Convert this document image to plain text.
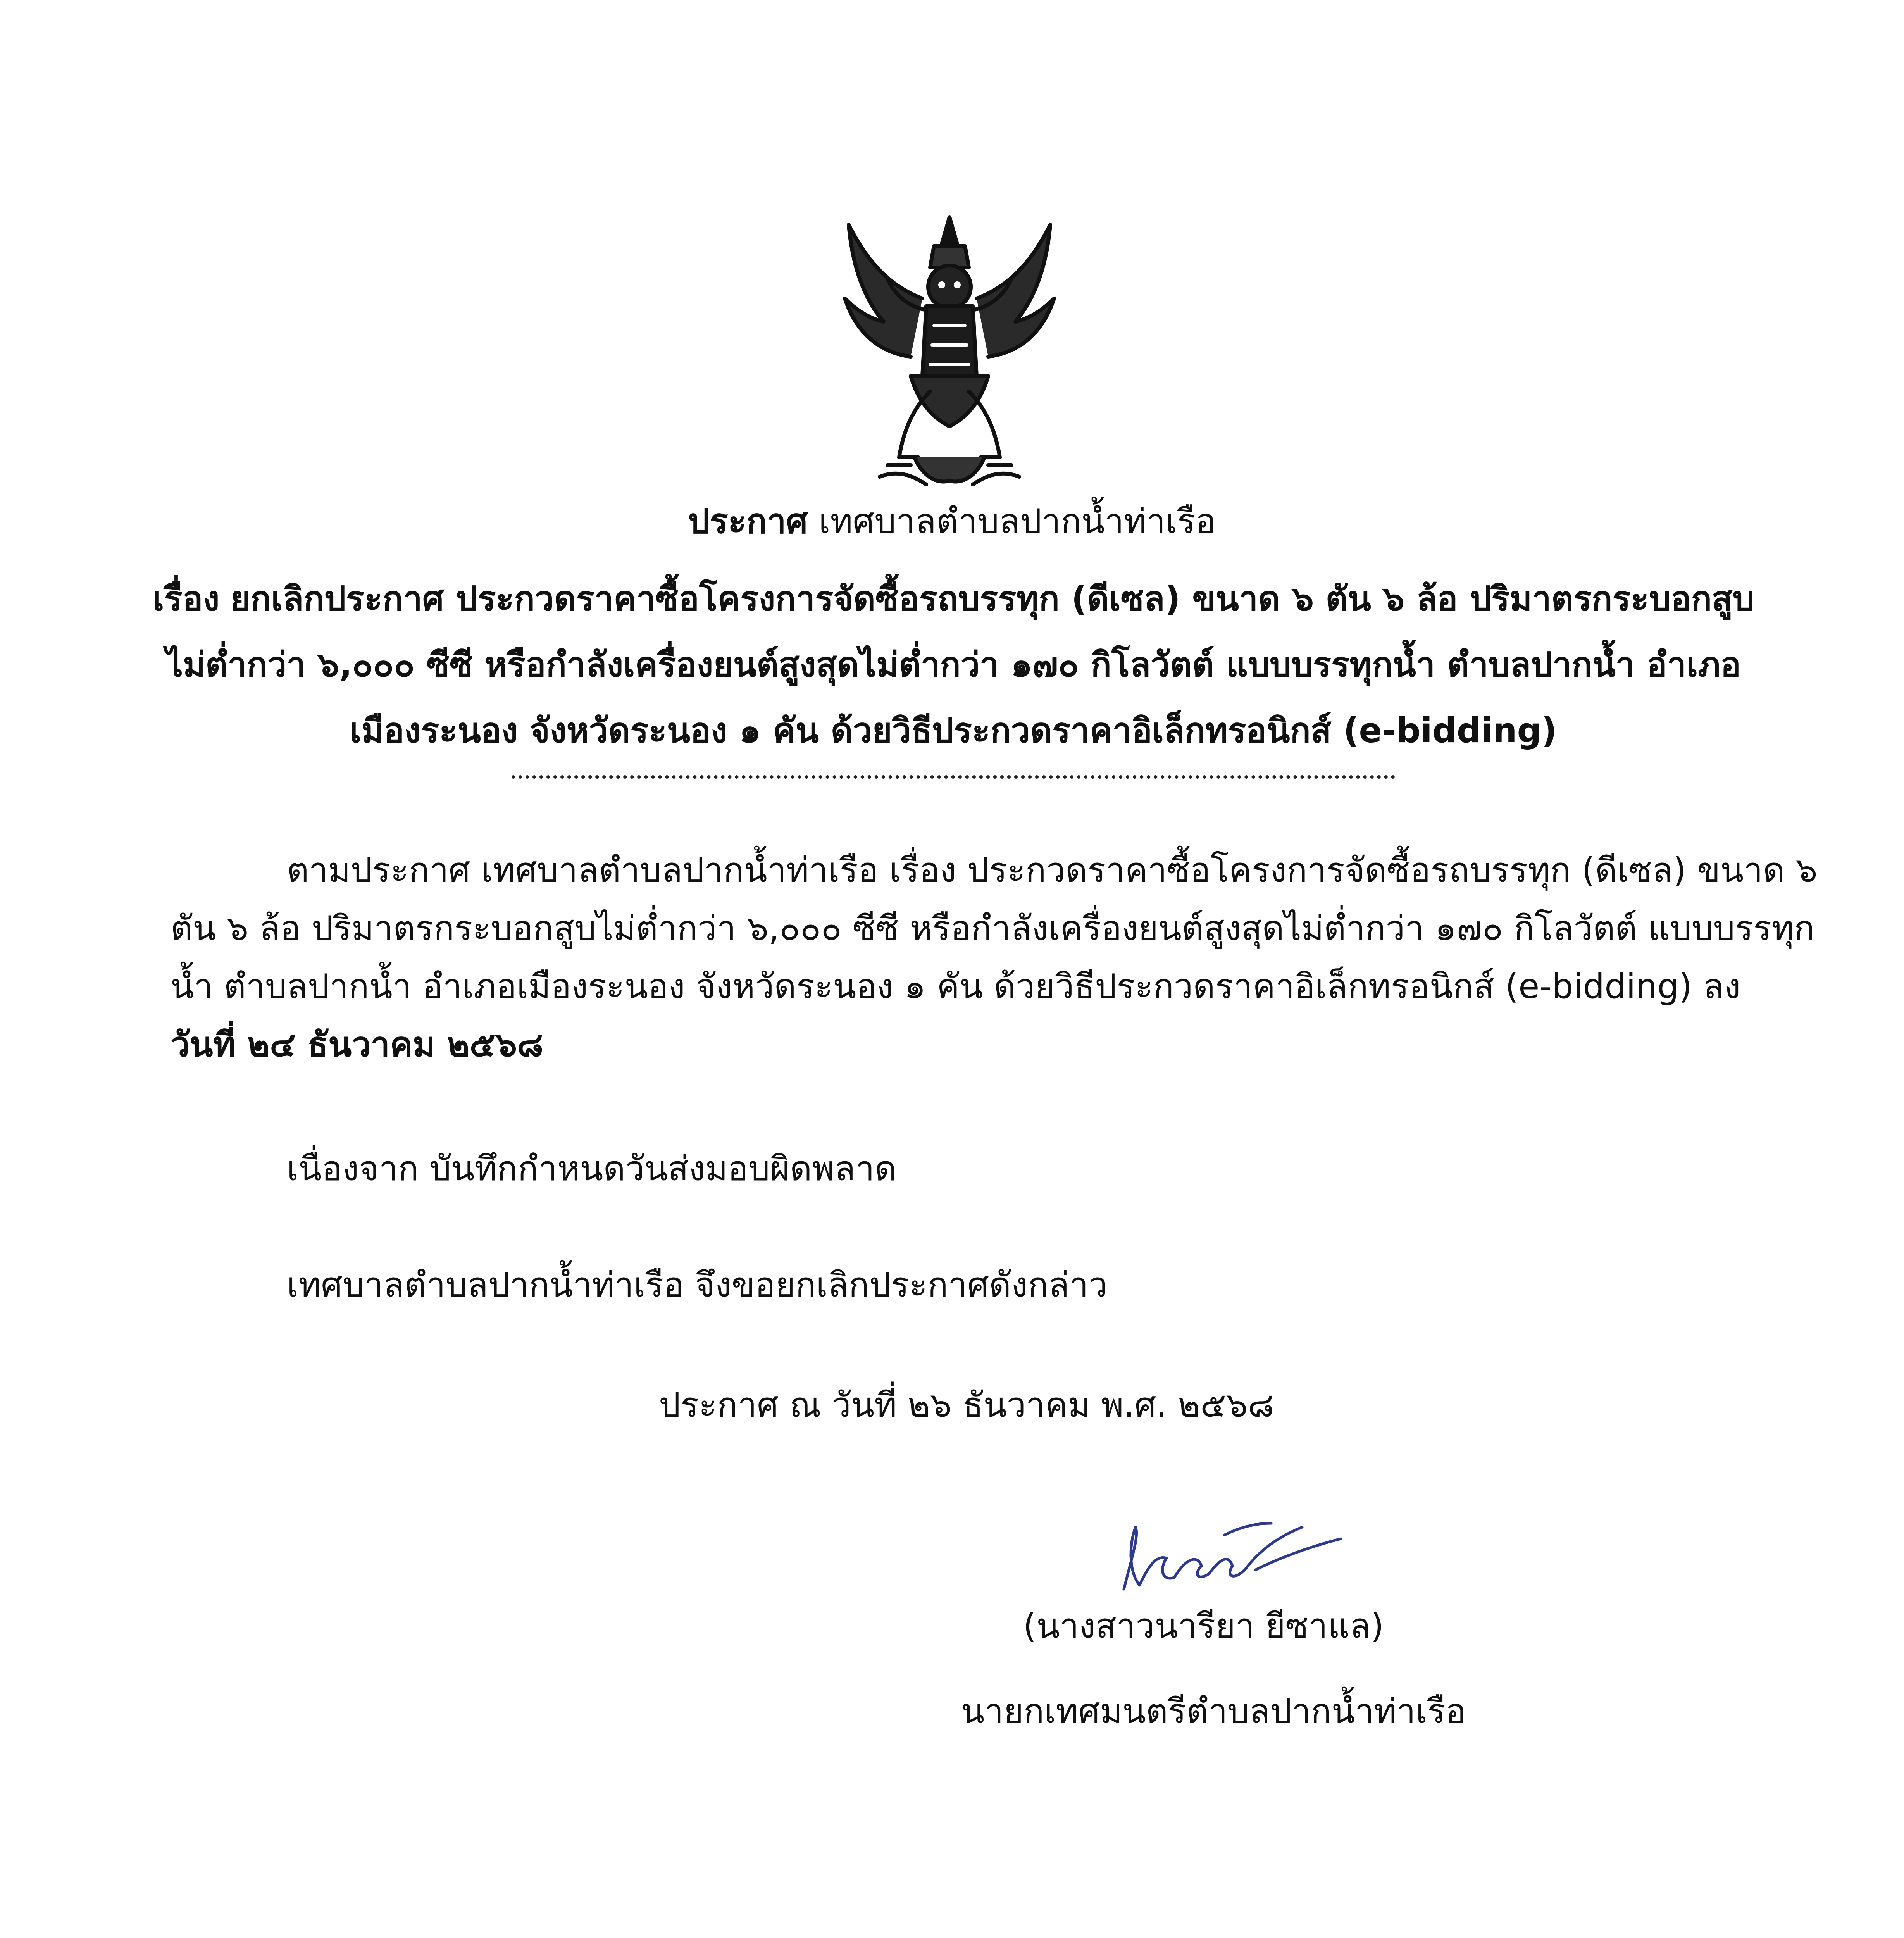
ประกาศ เทศบาลตำบลปากน้ำท่าเรือ
เรื่อง ยกเลิกประกาศ ประกวดราคาซื้อโครงการจัดซื้อรถบรรทุก (ดีเซล) ขนาด ๖ ตัน ๖ ล้อ ปริมาตรกระบอกสูบ
ไม่ต่ำกว่า ๖,๐๐๐ ซีซี หรือกำลังเครื่องยนต์สูงสุดไม่ต่ำกว่า ๑๗๐ กิโลวัตต์ แบบบรรทุกน้ำ ตำบลปากน้ำ อำเภอ
เมืองระนอง จังหวัดระนอง ๑ คัน ด้วยวิธีประกวดราคาอิเล็กทรอนิกส์ (e-bidding)
ตามประกาศ เทศบาลตำบลปากน้ำท่าเรือ เรื่อง ประกวดราคาซื้อโครงการจัดซื้อรถบรรทุก (ดีเซล) ขนาด ๖
ตัน ๖ ล้อ ปริมาตรกระบอกสูบไม่ต่ำกว่า ๖,๐๐๐ ซีซี หรือกำลังเครื่องยนต์สูงสุดไม่ต่ำกว่า ๑๗๐ กิโลวัตต์ แบบบรรทุก
น้ำ ตำบลปากน้ำ อำเภอเมืองระนอง จังหวัดระนอง ๑ คัน ด้วยวิธีประกวดราคาอิเล็กทรอนิกส์ (e-bidding) ลง
วันที่ ๒๔ ธันวาคม ๒๕๖๘
เนื่องจาก บันทึกกำหนดวันส่งมอบผิดพลาด
เทศบาลตำบลปากน้ำท่าเรือ จึงขอยกเลิกประกาศดังกล่าว
ประกาศ ณ วันที่ ๒๖ ธันวาคม พ.ศ. ๒๕๖๘
(นางสาวนารียา ยีซาแล)
นายกเทศมนตรีตำบลปากน้ำท่าเรือ
